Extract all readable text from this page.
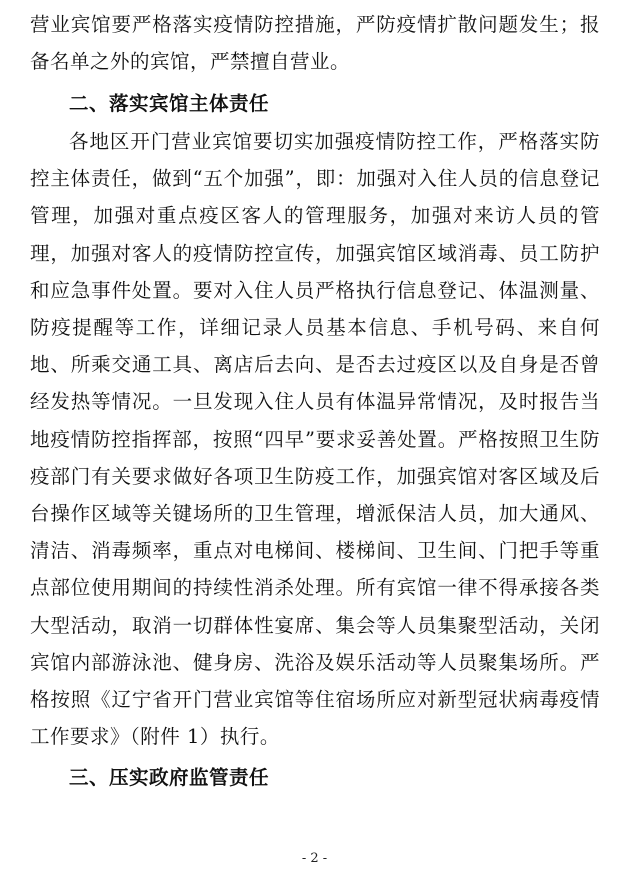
营业宾馆要严格落实疫情防控措施，严防疫情扩散问题发生；报备名单之外的宾馆，严禁擅自营业。

二、落实宾馆主体责任

各地区开门营业宾馆要切实加强疫情防控工作，严格落实防控主体责任，做到“五个加强”，即：加强对入住人员的信息登记管理，加强对重点疫区客人的管理服务，加强对来访人员的管理，加强对客人的疫情防控宣传，加强宾馆区域消毒、员工防护和应急事件处置。要对入住人员严格执行信息登记、体温测量、防疫提醒等工作，详细记录人员基本信息、手机号码、来自何地、所乘交通工具、离店后去向、是否去过疫区以及自身是否曾经发热等情况。一旦发现入住人员有体温异常情况，及时报告当地疫情防控指挥部，按照“四早”要求妥善处置。严格按照卫生防疫部门有关要求做好各项卫生防疫工作，加强宾馆对客区域及后台操作区域等关键场所的卫生管理，增派保洁人员，加大通风、清洁、消毒频率，重点对电梯间、楼梯间、卫生间、门把手等重点部位使用期间的持续性消杀处理。所有宾馆一律不得承接各类大型活动，取消一切群体性宴席、集会等人员集聚型活动，关闭宾馆内部游泳池、健身房、洗浴及娱乐活动等人员聚集场所。严格按照《辽宁省开门营业宾馆等住宿场所应对新型冠状病毒疫情工作要求》（附件 1）执行。

三、压实政府监管责任
- 2 -
